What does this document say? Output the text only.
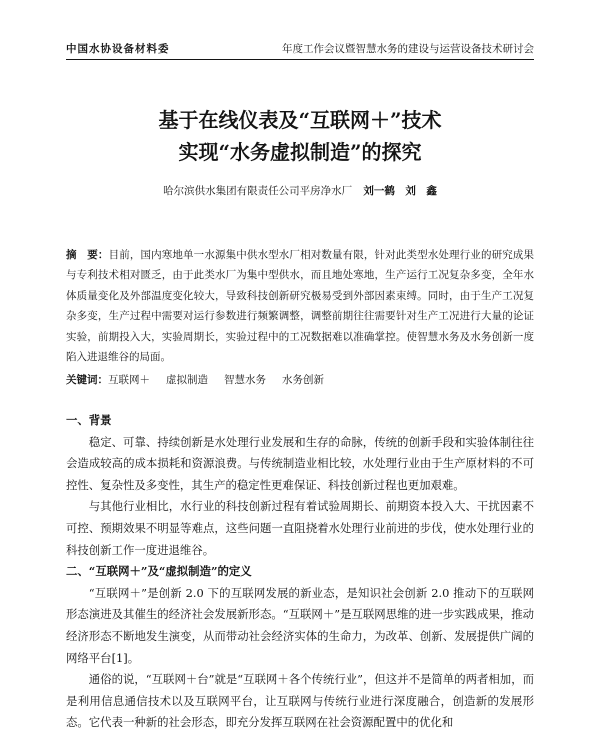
中国水协设备材料委	年度工作会议暨智慧水务的建设与运营设备技术研讨会
基于在线仪表及“互联网＋”技术
实现“水务虚拟制造”的探究
哈尔滨供水集团有限责任公司平房净水厂 刘一鹤　刘　鑫
摘　要：目前，国内寒地单一水源集中供水型水厂相对数量有限，针对此类型水处理行业的研究成果与专利技术相对匮乏，由于此类水厂为集中型供水，而且地处寒地，生产运行工况复杂多变，全年水体质量变化及外部温度变化较大，导致科技创新研究极易受到外部因素束缚。同时，由于生产工况复杂多变，生产过程中需要对运行参数进行频繁调整，调整前期往往需要针对生产工况进行大量的论证实验，前期投入大，实验周期长，实验过程中的工况数据难以准确掌控。使智慧水务及水务创新一度陷入进退维谷的局面。
关键词：互联网＋ 虚拟制造 智慧水务 水务创新
一、背景

稳定、可靠、持续创新是水处理行业发展和生存的命脉，传统的创新手段和实验体制往往会造成较高的成本损耗和资源浪费。与传统制造业相比较，水处理行业由于生产原材料的不可控性、复杂性及多变性，其生产的稳定性更难保证、科技创新过程也更加艰难。

与其他行业相比，水行业的科技创新过程有着试验周期长、前期资本投入大、干扰因素不可控、预期效果不明显等难点，这些问题一直阻挠着水处理行业前进的步伐，使水处理行业的科技创新工作一度进退维谷。

二、“互联网＋”及“虚拟制造”的定义

“互联网＋”是创新 2.0 下的互联网发展的新业态，是知识社会创新 2.0 推动下的互联网形态演进及其催生的经济社会发展新形态。“互联网＋”是互联网思维的进一步实践成果，推动经济形态不断地发生演变，从而带动社会经济实体的生命力，为改革、创新、发展提供广阔的网络平台[1]。

通俗的说，“互联网＋台”就是“互联网＋各个传统行业”，但这并不是简单的两者相加，而是利用信息通信技术以及互联网平台，让互联网与传统行业进行深度融合，创造新的发展形态。它代表一种新的社会形态，即充分发挥互联网在社会资源配置中的优化和
